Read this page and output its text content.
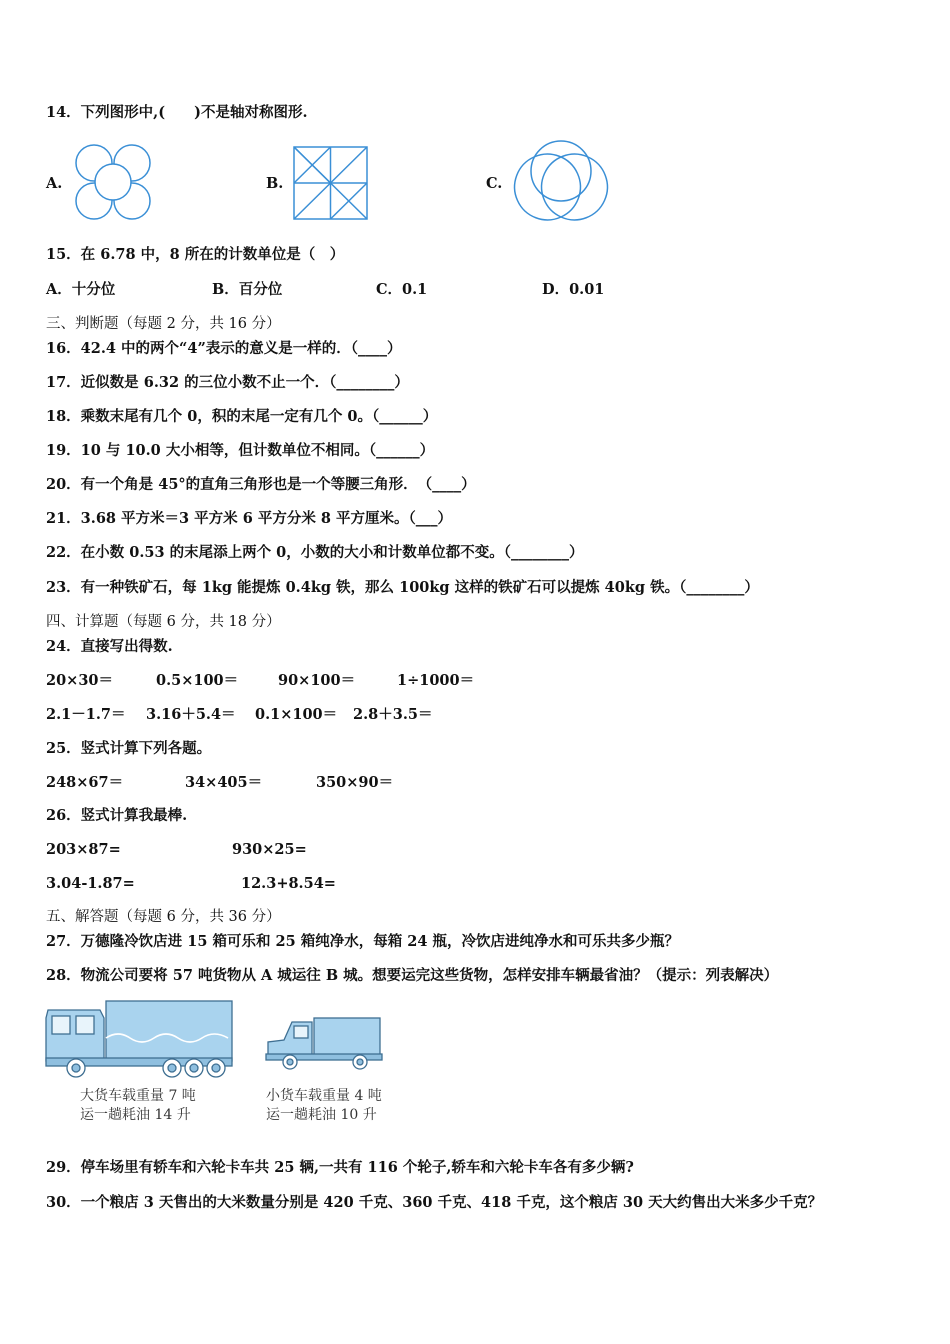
14．下列图形中,(　　)不是轴对称图形.
A.	B.	C.
15．在 6.78 中，8 所在的计数单位是（　）
A．十分位	B．百分位	C．0.1	D．0.01
三、判断题（每题 2 分，共 16 分）
16．42.4 中的两个“4”表示的意义是一样的．（____）
17．近似数是 6.32 的三位小数不止一个．（________）
18．乘数末尾有几个 0，积的末尾一定有几个 0。（______）
19．10 与 10.0 大小相等，但计数单位不相同。（______）
20．有一个角是 45°的直角三角形也是一个等腰三角形．　（____）
21．3.68 平方米＝3 平方米 6 平方分米 8 平方厘米。（___）
22．在小数 0.53 的末尾添上两个 0，小数的大小和计数单位都不变。（________）
23．有一种铁矿石，每 1kg 能提炼 0.4kg 铁，那么 100kg 这样的铁矿石可以提炼 40kg 铁。（________）
四、计算题（每题 6 分，共 18 分）
24．直接写出得数.
20×30＝	0.5×100＝	90×100＝	1÷1000＝
2.1－1.7＝ 3.16＋5.4＝ 0.1×100＝ 2.8＋3.5＝
25．竖式计算下列各题。
248×67＝	34×405＝	350×90＝
26．竖式计算我最棒.
203×87=	930×25=
3.04-1.87=	12.3+8.54=
五、解答题（每题 6 分，共 36 分）
27．万德隆冷饮店进 15 箱可乐和 25 箱纯净水，每箱 24 瓶，冷饮店进纯净水和可乐共多少瓶？
28．物流公司要将 57 吨货物从 A 城运往 B 城。想要运完这些货物，怎样安排车辆最省油？（提示：列表解决）
大货车载重量 7 吨
运一趟耗油 14 升
小货车载重量 4 吨
运一趟耗油 10 升
29．停车场里有轿车和六轮卡车共 25 辆,一共有 116 个轮子,轿车和六轮卡车各有多少辆?
30．一个粮店 3 天售出的大米数量分别是 420 千克、360 千克、418 千克，这个粮店 30 天大约售出大米多少千克？
